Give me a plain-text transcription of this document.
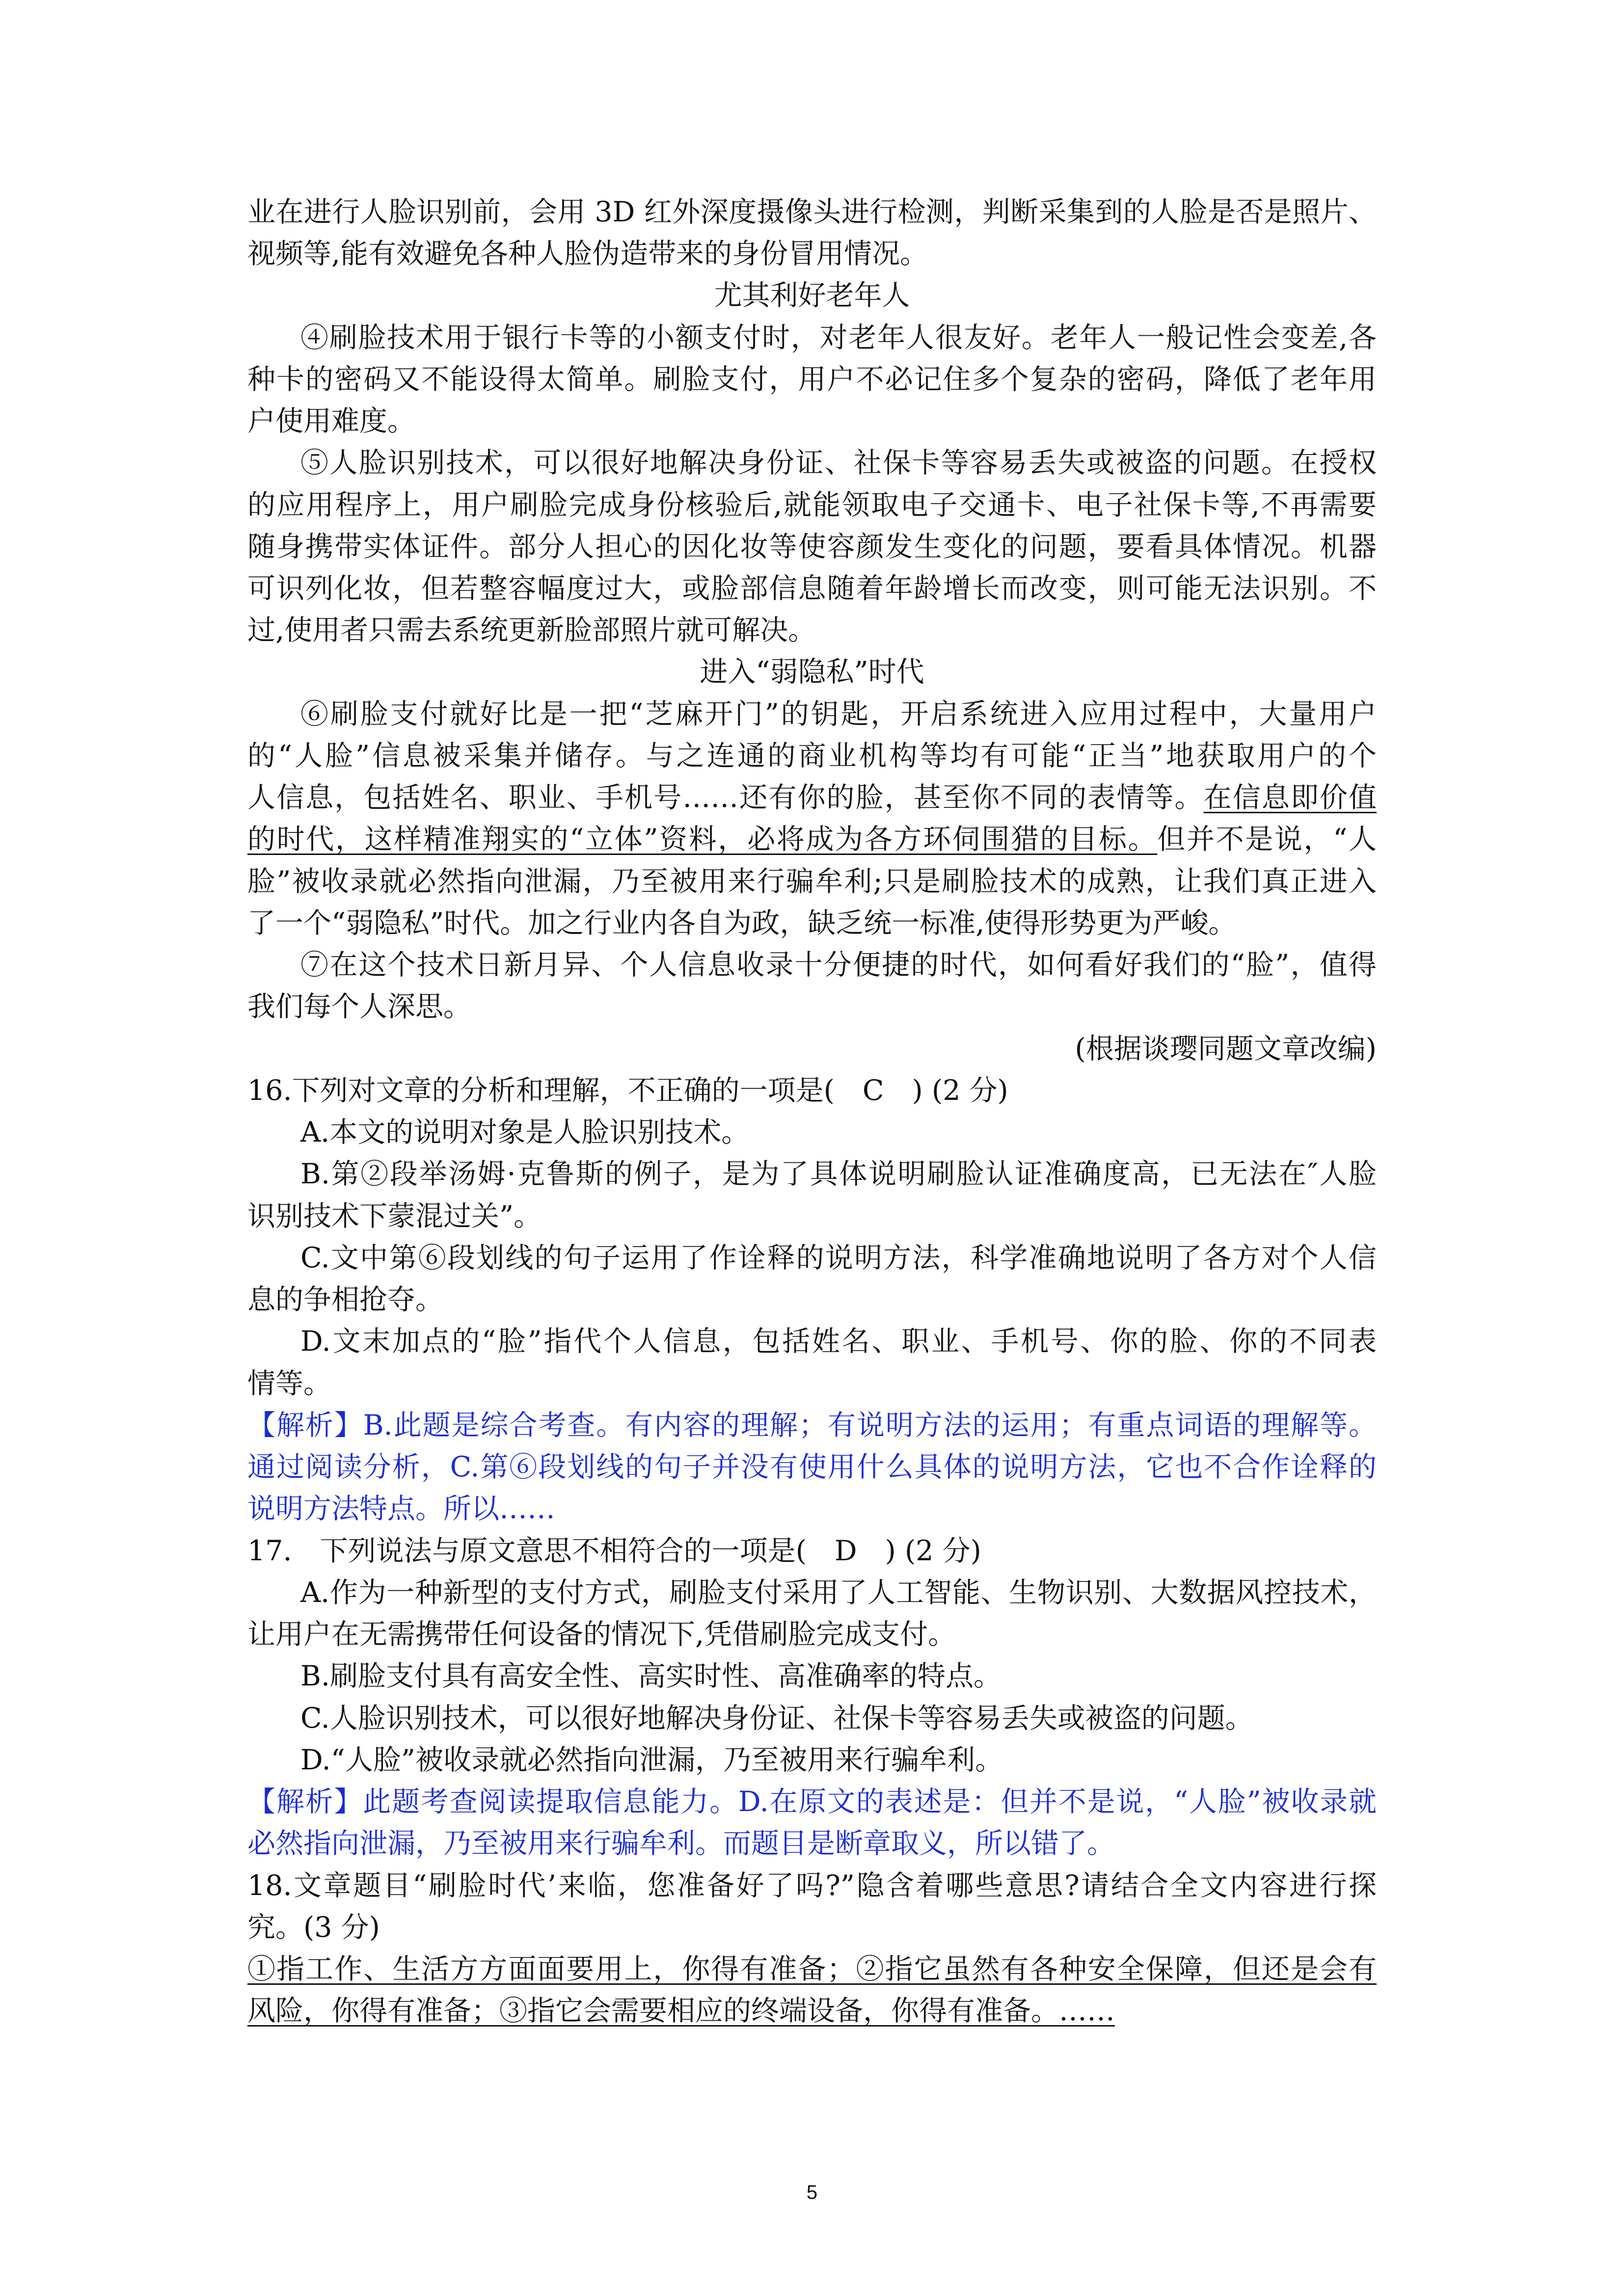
业在进行人脸识别前，会用 3D 红外深度摄像头进行检测，判断采集到的人脸是否是照片、
视频等,能有效避免各种人脸伪造带来的身份冒用情况。
尤其利好老年人
④刷脸技术用于银行卡等的小额支付时，对老年人很友好。老年人一般记性会变差,各
种卡的密码又不能设得太简单。刷脸支付，用户不必记住多个复杂的密码，降低了老年用
户使用难度。
⑤人脸识别技术，可以很好地解决身份证、社保卡等容易丢失或被盗的问题。在授权
的应用程序上，用户刷脸完成身份核验后,就能领取电子交通卡、电子社保卡等,不再需要
随身携带实体证件。部分人担心的因化妆等使容颜发生变化的问题，要看具体情况。机器
可识列化妆，但若整容幅度过大，或脸部信息随着年龄增长而改变，则可能无法识别。不
过,使用者只需去系统更新脸部照片就可解决。
进入“弱隐私”时代
⑥刷脸支付就好比是一把“芝麻开门”的钥匙，开启系统进入应用过程中，大量用户
的“人脸”信息被采集并储存。与之连通的商业机构等均有可能“正当”地获取用户的个
人信息，包括姓名、职业、手机号……还有你的脸，甚至你不同的表情等。在信息即价值
的时代，这样精准翔实的“立体”资料，必将成为各方环伺围猎的目标。但并不是说，“人
脸”被收录就必然指向泄漏，乃至被用来行骗牟利;只是刷脸技术的成熟，让我们真正进入
了一个“弱隐私”时代。加之行业内各自为政，缺乏统一标准,使得形势更为严峻。
⑦在这个技术日新月异、个人信息收录十分便捷的时代，如何看好我们的“脸”，值得
我们每个人深思。
(根据谈璎同题文章改编)
16.下列对文章的分析和理解，不正确的一项是(　C　) (2 分)
A.本文的说明对象是人脸识别技术。
B.第②段举汤姆·克鲁斯的例子，是为了具体说明刷脸认证准确度高，已无法在″人脸
识别技术下蒙混过关”。
C.文中第⑥段划线的句子运用了作诠释的说明方法，科学准确地说明了各方对个人信
息的争相抢夺。
D.文末加点的“脸”指代个人信息，包括姓名、职业、手机号、你的脸、你的不同表
情等。
【解析】B.此题是综合考查。有内容的理解；有说明方法的运用；有重点词语的理解等。
通过阅读分析，C.第⑥段划线的句子并没有使用什么具体的说明方法，它也不合作诠释的
说明方法特点。所以……
17.　下列说法与原文意思不相符合的一项是(　D　) (2 分)
A.作为一种新型的支付方式，刷脸支付采用了人工智能、生物识别、大数据风控技术，
让用户在无需携带任何设备的情况下,凭借刷脸完成支付。
B.刷脸支付具有高安全性、高实时性、高准确率的特点。
C.人脸识别技术，可以很好地解决身份证、社保卡等容易丢失或被盗的问题。
D.“人脸”被收录就必然指向泄漏，乃至被用来行骗牟利。
【解析】此题考查阅读提取信息能力。D.在原文的表述是：但并不是说，“人脸”被收录就
必然指向泄漏，乃至被用来行骗牟利。而题目是断章取义，所以错了。
18.文章题目“刷脸时代’来临，您准备好了吗?”隐含着哪些意思?请结合全文内容进行探
究。(3 分)
①指工作、生活方方面面要用上，你得有准备；②指它虽然有各种安全保障，但还是会有
风险，你得有准备；③指它会需要相应的终端设备，你得有准备。……
5
